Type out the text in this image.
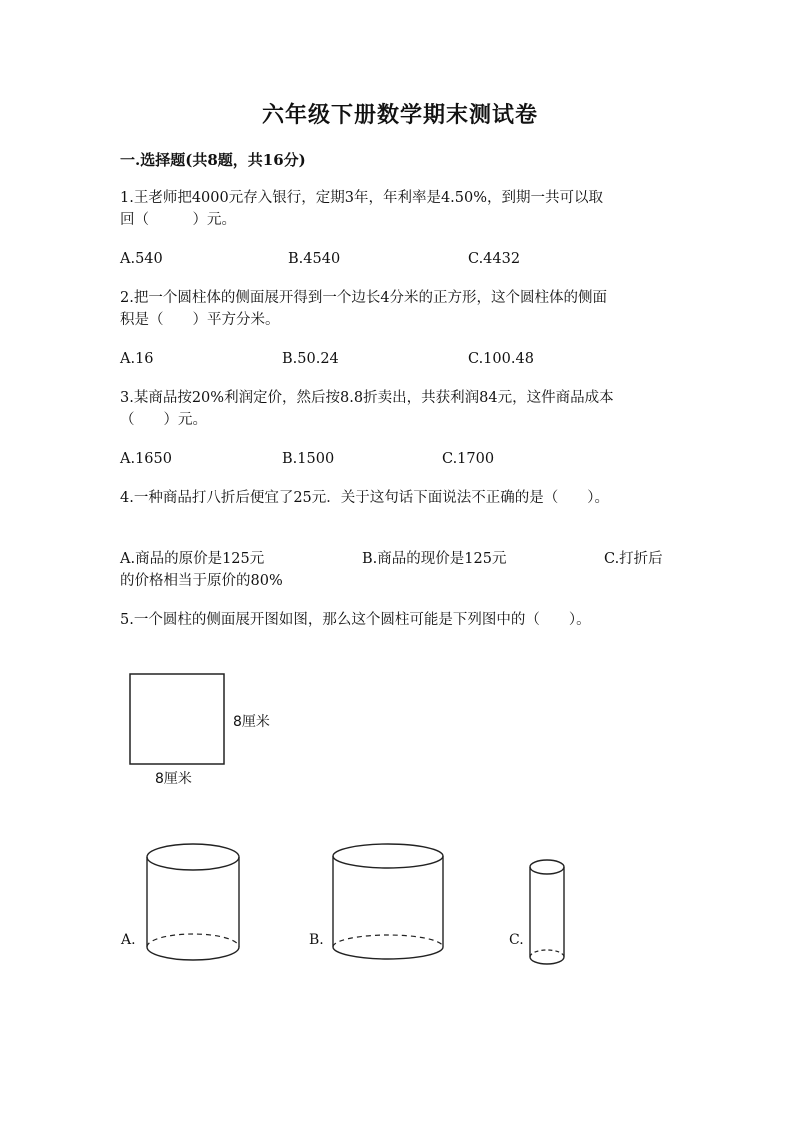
六年级下册数学期末测试卷
一.选择题(共8题，共16分)
1.王老师把4000元存入银行，定期3年，年利率是4.50%，到期一共可以取
回（　　　）元。
A.540	B.4540	C.4432
2.把一个圆柱体的侧面展开得到一个边长4分米的正方形，这个圆柱体的侧面
积是（　　）平方分米。
A.16	B.50.24	C.100.48
3.某商品按20%利润定价，然后按8.8折卖出，共获利润84元，这件商品成本
（　　）元。
A.1650	B.1500	C.1700
4.一种商品打八折后便宜了25元．关于这句话下面说法不正确的是（　　）。
A.商品的原价是125元	B.商品的现价是125元	C.打折后
的价格相当于原价的80%
5.一个圆柱的侧面展开图如图，那么这个圆柱可能是下列图中的（　　）。
8厘米
8厘米
A.	B.	C.
